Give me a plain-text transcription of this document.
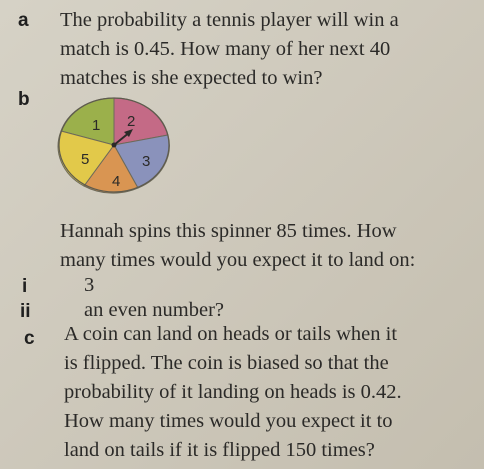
a The probability a tennis player will win a
match is 0.45. How many of her next 40
matches is she expected to win?
b
1 2
3
4
5
Hannah spins this spinner 85 times. How
many times would you expect it to land on:
i	3
ii	an even number?
c A coin can land on heads or tails when it
is flipped. The coin is biased so that the
probability of it landing on heads is 0.42.
How many times would you expect it to
land on tails if it is flipped 150 times?
